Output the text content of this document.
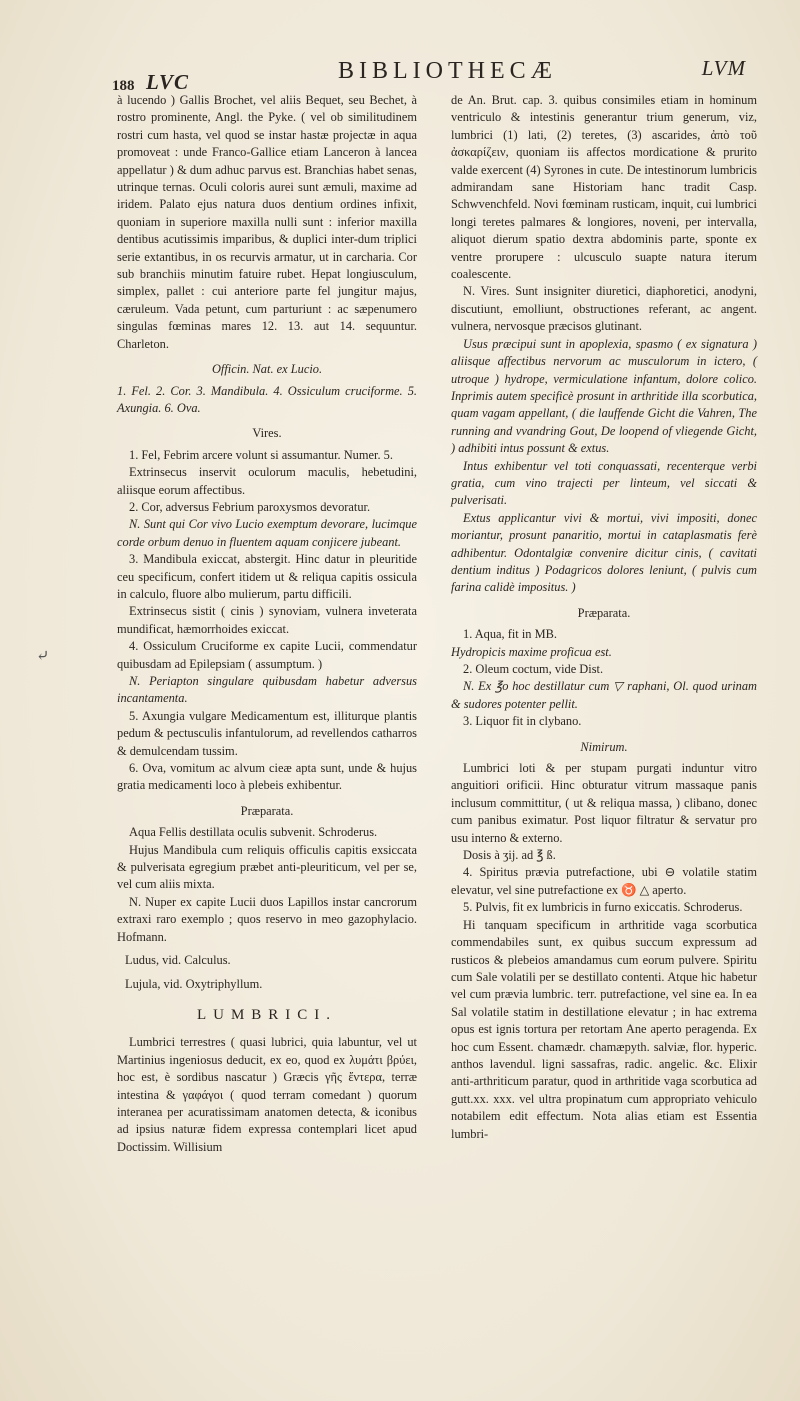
188 LVC	BIBLIOTHECÆ	LVM
⤶

à lucendo ) Gallis Brochet, vel aliis Bequet, seu Bechet, à rostro prominente, Angl. the Pyke. ( vel ob similitudinem rostri cum hasta, vel quod se instar hastæ projectæ in aqua promoveat : unde Franco-Gallice etiam Lanceron à lancea appellatur ) & dum adhuc parvus est. Branchias habet senas, utrinque ternas. Oculi coloris aurei sunt æmuli, maxime ad iridem. Palato ejus natura duos dentium ordines infixit, quoniam in superiore maxilla nulli sunt : inferior maxilla dentibus acutissimis imparibus, & duplici inter-dum triplici serie extantibus, in os recurvis armatur, ut in carcharia. Cor sub branchiis minutim fatuire rubet. Hepat longiusculum, simplex, pallet : cui anteriore parte fel jungitur majus, cæruleum. Vada petunt, cum parturiunt : ac sæpenumero singulas fœminas mares 12. 13. aut 14. sequuntur. Charleton.

Officin. Nat. ex Lucio.

1. Fel. 2. Cor. 3. Mandibula. 4. Ossiculum cruciforme. 5. Axungia. 6. Ova.

Vires.

1. Fel, Febrim arcere volunt si assumantur. Numer. 5.

Extrinsecus inservit oculorum maculis, hebetudini, aliisque eorum affectibus.

2. Cor, adversus Febrium paroxysmos devoratur.

N. Sunt qui Cor vivo Lucio exemptum devorare, lucimque corde orbum denuo in fluentem aquam conjicere jubeant.

3. Mandibula exiccat, abstergit. Hinc datur in pleuritide ceu specificum, confert itidem ut & reliqua capitis ossicula in calculo, fluore albo mulierum, partu difficili.

Extrinsecus sistit ( cinis ) synoviam, vulnera inveterata mundificat, hæmorrhoides exiccat.

4. Ossiculum Cruciforme ex capite Lucii, commendatur quibusdam ad Epilepsiam ( assumptum. )

N. Periapton singulare quibusdam habetur adversus incantamenta.

5. Axungia vulgare Medicamentum est, illiturque plantis pedum & pectusculis infantulorum, ad revellendos catharros & demulcendam tussim.

6. Ova, vomitum ac alvum cieæ apta sunt, unde & hujus gratia medicamenti loco à plebeis exhibentur.

Præparata.

Aqua Fellis destillata oculis subvenit. Schroderus.

Hujus Mandibula cum reliquis officulis capitis exsiccata & pulverisata egregium præbet anti-pleuriticum, vel per se, vel cum aliis mixta.

N. Nuper ex capite Lucii duos Lapillos instar cancrorum extraxi raro exemplo ; quos reservo in meo gazophylacio. Hofmann.

Ludus, vid. Calculus.

Lujula, vid. Oxytriphyllum.

LUMBRICI.

Lumbrici terrestres ( quasi lubrici, quia labuntur, vel ut Martinius ingeniosus deducit, ex eo, quod ex λυμάτι βρύει, hoc est, è sordibus nascatur ) Græcis γῆς ἔντερα, terræ intestina & γαφάγοι ( quod terram comedant ) quorum interanea per acuratissimam anatomen detecta, & iconibus ad ipsius naturæ fidem expressa contemplari licet apud Doctissim. Willisium

de An. Brut. cap. 3. quibus consimiles etiam in hominum ventriculo & intestinis generantur trium generum, viz, lumbrici (1) lati, (2) teretes, (3) ascarides, ἀπὸ τοῦ ἀσκαρίζειν, quoniam iis affectos mordicatione & prurito valde exercent (4) Syrones in cute. De intestinorum lumbricis admirandam sane Historiam hanc tradit Casp. Schwvenchfeld. Novi fœminam rusticam, inquit, cui lumbrici longi teretes palmares & longiores, noveni, per intervalla, aliquot dierum spatio dextra abdominis parte, sponte ex ventre prorupere : ulcusculo suapte natura iterum coalescente.

N. Vires. Sunt insigniter diuretici, diaphoretici, anodyni, discutiunt, emolliunt, obstructiones referant, ac angent. vulnera, nervosque præcisos glutinant.

Usus præcipui sunt in apoplexia, spasmo ( ex signatura ) aliisque affectibus nervorum ac musculorum in ictero, ( utroque ) hydrope, vermiculatione infantum, dolore colico. Inprimis autem specificè prosunt in arthritide illa scorbutica, quam vagam appellant, ( die lauffende Gicht die Vahren, The running and vvandring Gout, De loopend of vliegende Gicht, ) adhibiti intus possunt & extus.

Intus exhibentur vel toti conquassati, recenterque verbi gratia, cum vino trajecti per linteum, vel siccati & pulverisati.

Extus applicantur vivi & mortui, vivi impositi, donec moriantur, prosunt panaritio, mortui in cataplasmatis ferè adhibentur. Odontalgiæ convenire dicitur cinis, ( cavitati dentium inditus ) Podagricos dolores leniunt, ( pulvis cum farina calidè impositus. )

Præparata.

1. Aqua, fit in MB.

Hydropicis maxime proficua est.

2. Oleum coctum, vide Dist.

N. Ex ℥o hoc destillatur cum ▽ raphani, Ol. quod urinam & sudores potenter pellit.

3. Liquor fit in clybano.

Nimirum.

Lumbrici loti & per stupam purgati induntur vitro anguitiori orificii. Hinc obturatur vitrum massaque panis inclusum committitur, ( ut & reliqua massa, ) clibano, donec cum panibus eximatur. Post liquor filtratur & servatur pro usu interno & externo.

Dosis à ʒij. ad ℥ ß.

4. Spiritus prævia putrefactione, ubi ⊖ volatile statim elevatur, vel sine putrefactione ex ♉ △ aperto.

5. Pulvis, fit ex lumbricis in furno exiccatis. Schroderus.

Hi tanquam specificum in arthritide vaga scorbutica commendabiles sunt, ex quibus succum expressum ad rusticos & plebeios amandamus cum eorum pulvere. Spiritu cum Sale volatili per se destillato contenti. Atque hic habetur vel cum prævia lumbric. terr. putrefactione, vel sine ea. In ea Sal volatile statim in destillatione elevatur ; in hac extrema opus est ignis tortura per retortam Ane aperto peragenda. Ex hoc cum Essent. chamædr. chamæpyth. salviæ, flor. hyperic. anthos lavendul. ligni sassafras, radic. angelic. &c. Elixir anti-arthriticum paratur, quod in arthritide vaga scorbutica ad gutt.xx. xxx. vel ultra propinatum cum appropriato vehiculo notabilem edit effectum. Nota alias etiam est Essentia lumbri-
